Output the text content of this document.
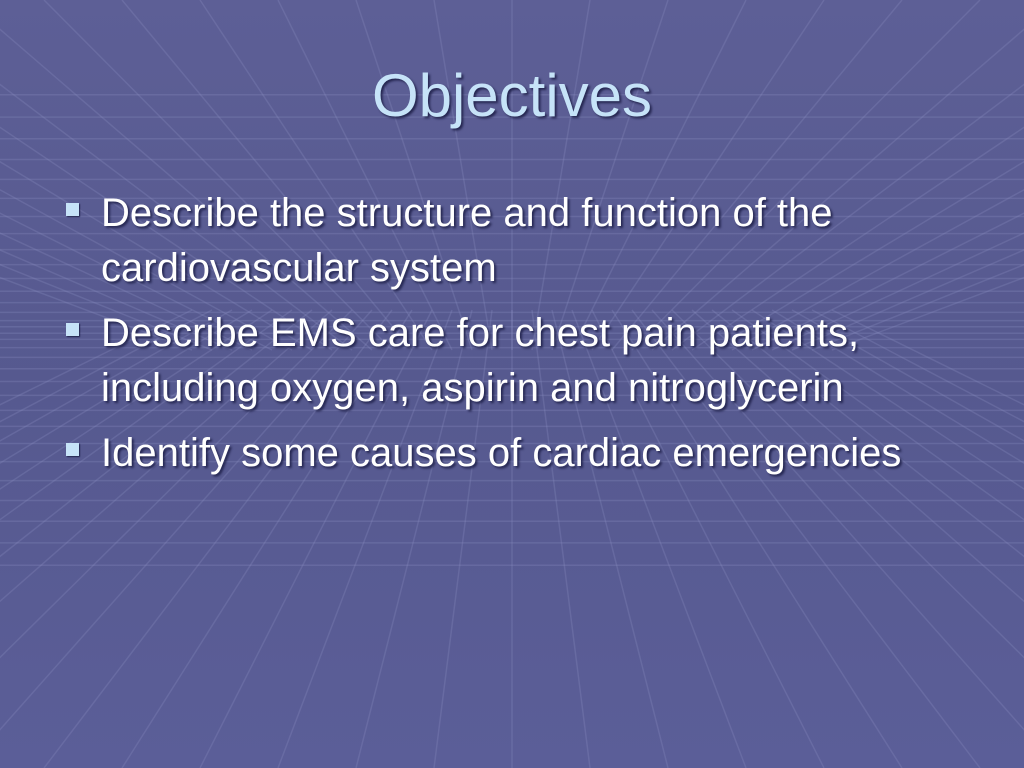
Objectives
Describe the structure and function of the cardiovascular system
Describe EMS care for chest pain patients, including oxygen, aspirin and nitroglycerin
Identify some causes of cardiac emergencies
